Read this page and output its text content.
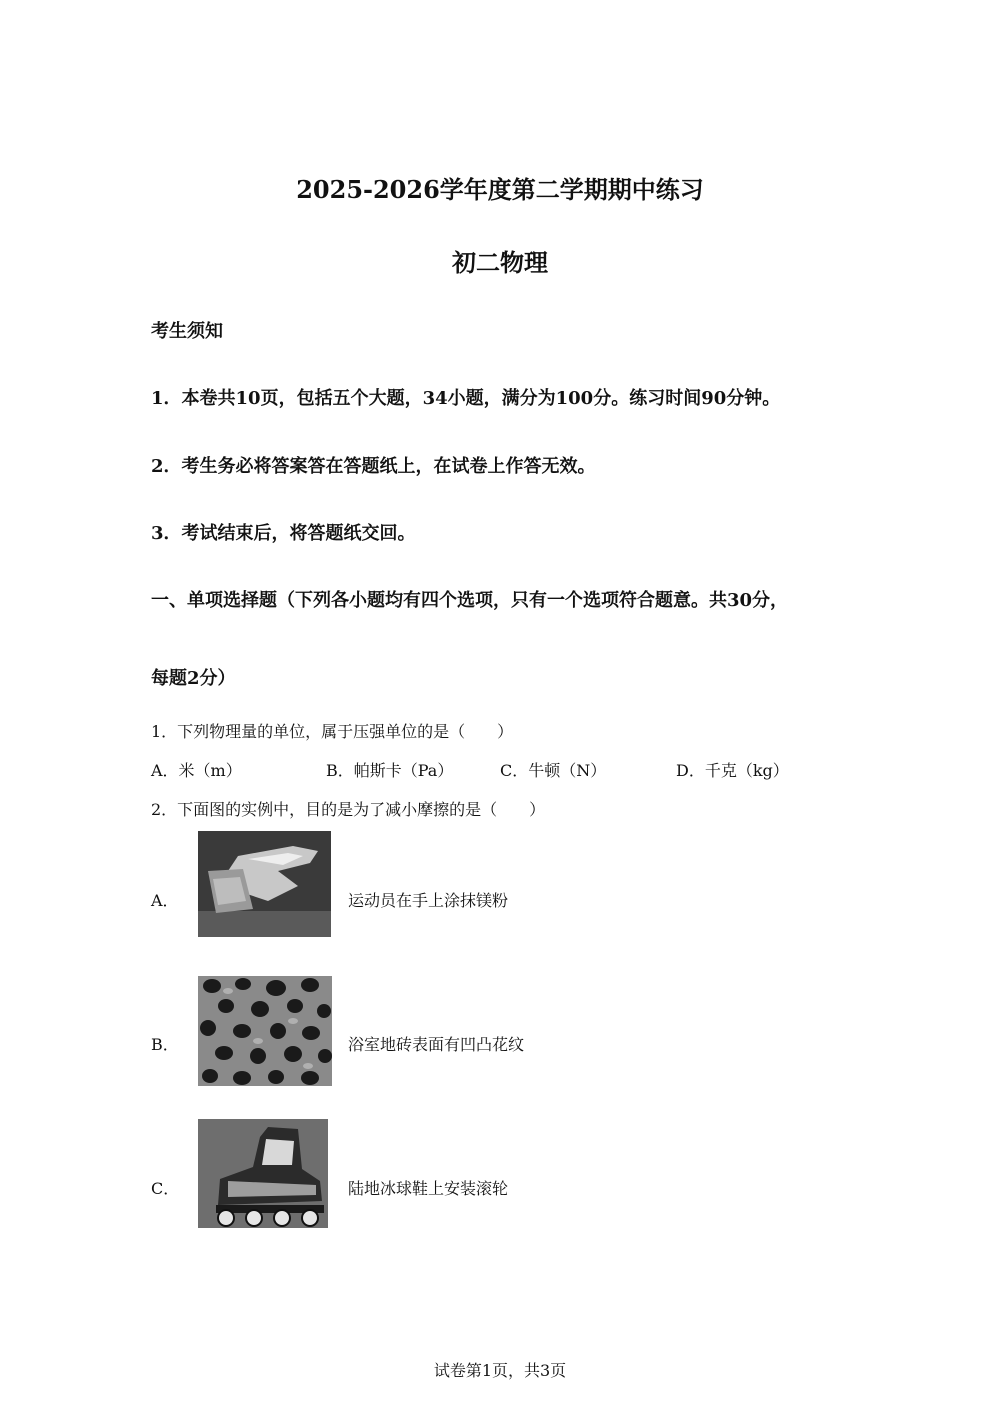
2025-2026学年度第二学期期中练习
初二物理
考生须知
1．本卷共10页，包括五个大题，34小题，满分为100分。练习时间90分钟。
2．考生务必将答案答在答题纸上，在试卷上作答无效。
3．考试结束后，将答题纸交回。
一、单项选择题（下列各小题均有四个选项，只有一个选项符合题意。共30分，
每题2分）
1．下列物理量的单位，属于压强单位的是（　　）
A．米（m）	B．帕斯卡（Pa）	C．牛顿（N）	D．千克（kg）
2．下面图的实例中，目的是为了减小摩擦的是（　　）
A．	运动员在手上涂抹镁粉
B．	浴室地砖表面有凹凸花纹
C．	陆地冰球鞋上安装滚轮
试卷第1页，共3页
